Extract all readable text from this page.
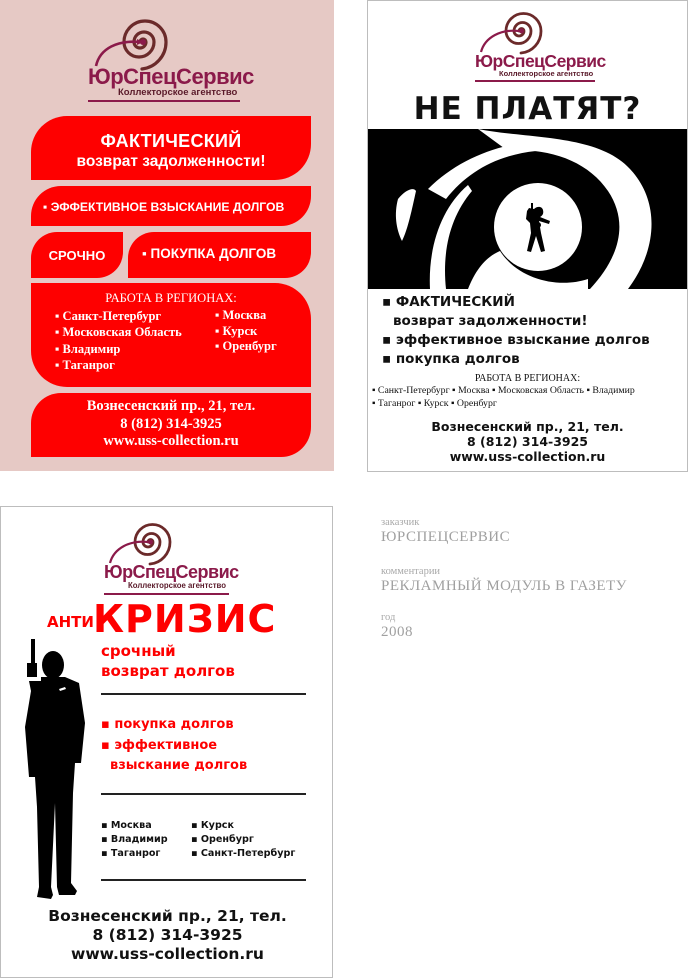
ЮрСпецСервис
Коллекторское агентство
ФАКТИЧЕСКИЙ
возврат задолженности!
▪ ЭФФЕКТИВНОЕ ВЗЫСКАНИЕ ДОЛГОВ
СРОЧНО	▪ ПОКУПКА ДОЛГОВ
РАБОТА В РЕГИОНАХ:
▪ Санкт-Петербург
▪ Московская Область
▪ Владимир
▪ Таганрог
▪ Москва
▪ Курск
▪ Оренбург
Вознесенский пр., 21, тел.
8 (812) 314-3925
www.uss-collection.ru
ЮрСпецСервис
Коллекторское агентство
НЕ ПЛАТЯТ?
▪ ФАКТИЧЕСКИЙ
возврат задолженности!
▪ эффективное взыскание долгов
▪ покупка долгов
РАБОТА В РЕГИОНАХ:
▪ Санкт-Петербург ▪ Москва ▪ Московская Область ▪ Владимир
▪ Таганрог ▪ Курск ▪ Оренбург
Вознесенский пр., 21, тел.
8 (812) 314-3925
www.uss-collection.ru
ЮрСпецСервис
Коллекторское агентство
АНТИ КРИЗИС
срочный
возврат долгов
▪ покупка долгов
▪ эффективное
взыскание долгов
▪ Москва
▪ Владимир
▪ Таганрог
▪ Курск
▪ Оренбург
▪ Санкт-Петербург
Вознесенский пр., 21, тел.
8 (812) 314-3925
www.uss-collection.ru
заказчик
ЮРСПЕЦСЕРВИС
комментарии
РЕКЛАМНЫЙ МОДУЛЬ В ГАЗЕТУ
год
2008
